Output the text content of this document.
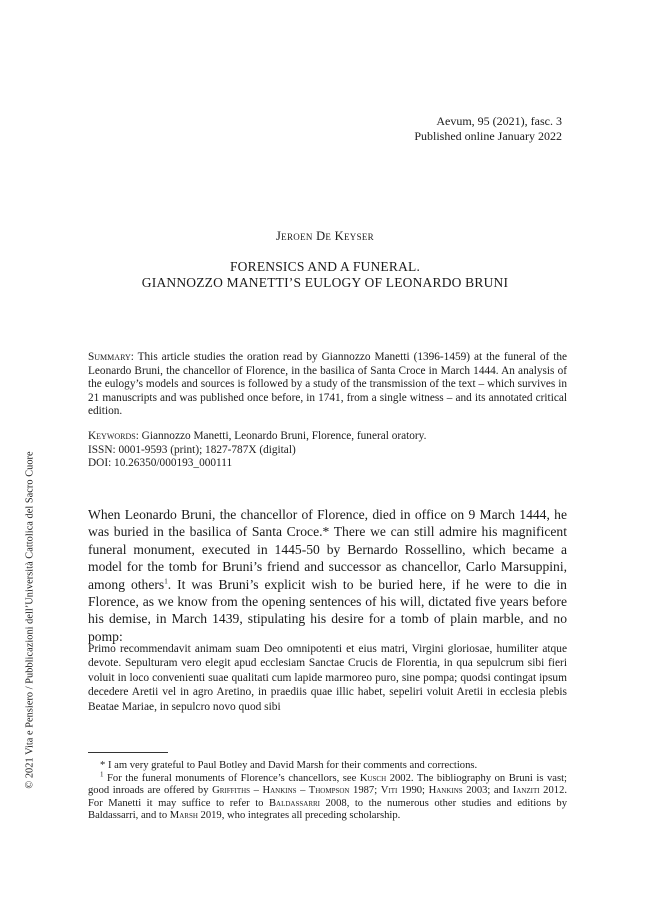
Aevum, 95 (2021), fasc. 3
Published online January 2022
Jeroen De Keyser
FORENSICS AND A FUNERAL.
GIANNOZZO MANETTI’S EULOGY OF LEONARDO BRUNI
Summary: This article studies the oration read by Giannozzo Manetti (1396-1459) at the funeral of the Leonardo Bruni, the chancellor of Florence, in the basilica of Santa Croce in March 1444. An analysis of the eulogy’s models and sources is followed by a study of the transmission of the text – which survives in 21 manuscripts and was published once before, in 1741, from a single witness – and its annotated critical edition.
Keywords: Giannozzo Manetti, Leonardo Bruni, Florence, funeral oratory.
ISSN: 0001-9593 (print); 1827-787X (digital)
DOI: 10.26350/000193_000111

When Leonardo Bruni, the chancellor of Florence, died in office on 9 March 1444, he was buried in the basilica of Santa Croce.* There we can still admire his magnificent funeral monument, executed in 1445-50 by Bernardo Rossellino, which became a model for the tomb for Bruni’s friend and successor as chancellor, Carlo Marsuppini, among others$^1$. It was Bruni’s explicit wish to be buried here, if he were to die in Florence, as we know from the opening sentences of his will, dictated five years before his demise, in March 1439, stipulating his desire for a tomb of plain marble, and no pomp:

Primo recommendavit animam suam Deo omnipotenti et eius matri, Virgini gloriosae, humiliter atque devote. Sepulturam vero elegit apud ecclesiam Sanctae Crucis de Florentia, in qua sepulcrum sibi fieri voluit in loco convenienti suae qualitati cum lapide marmoreo puro, sine pompa; quodsi contingat ipsum decedere Aretii vel in agro Aretino, in praediis quae illic habet, sepeliri voluit Aretii in ecclesia plebis Beatae Mariae, in sepulcro novo quod sibi

* I am very grateful to Paul Botley and David Marsh for their comments and corrections.

$^1$ For the funeral monuments of Florence’s chancellors, see Kusch 2002. The bibliography on Bruni is vast; good inroads are offered by Griffiths – Hankins – Thompson 1987; Viti 1990; Hankins 2003; and Ianziti 2012. For Manetti it may suffice to refer to Baldassarri 2008, to the numerous other studies and editions by Baldassarri, and to Marsh 2019, who integrates all preceding scholarship.

© 2021 Vita e Pensiero / Pubblicazioni dell’Università Cattolica del Sacro Cuore
